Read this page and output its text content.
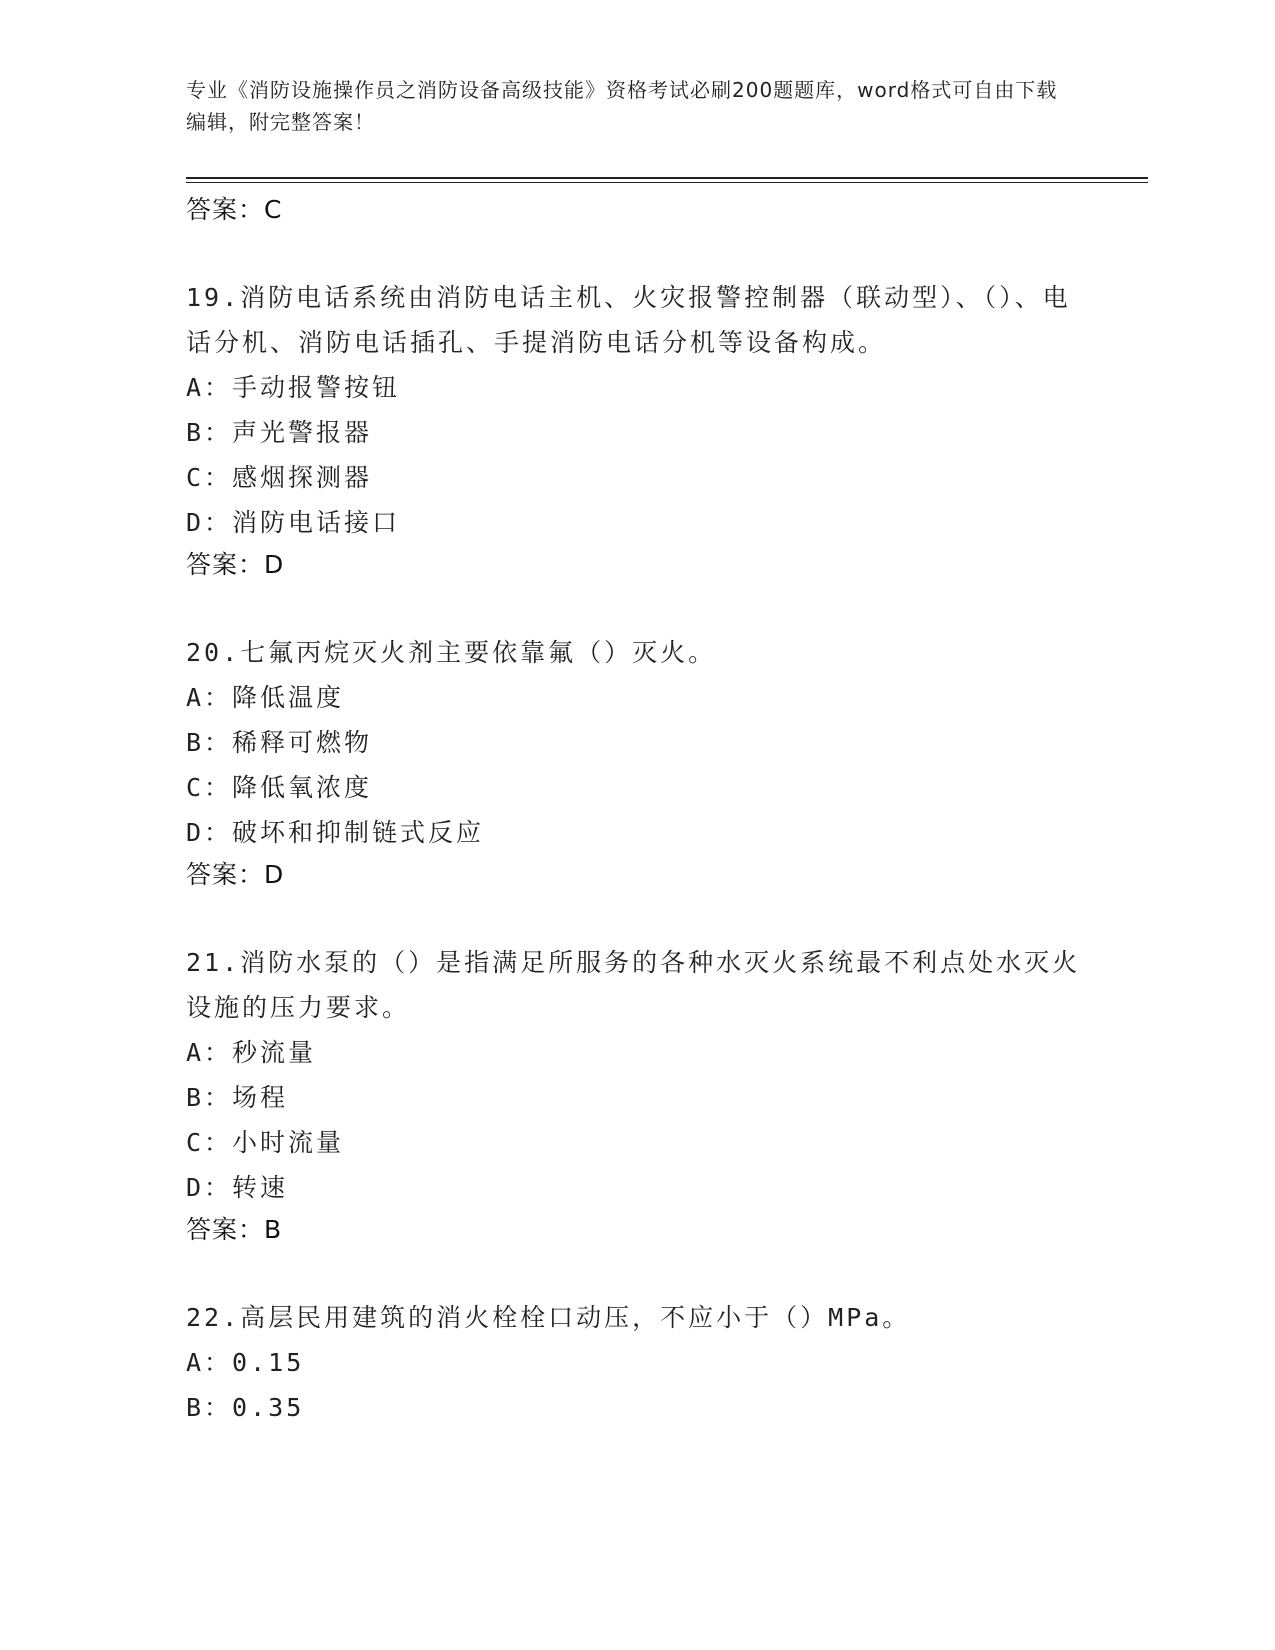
专业《消防设施操作员之消防设备高级技能》资格考试必刷200题题库，word格式可自由下载编辑，附完整答案！
答案：C
19.消防电话系统由消防电话主机、火灾报警控制器（联动型）、（）、电话分机、消防电话插孔、手提消防电话分机等设备构成。
A：手动报警按钮
B：声光警报器
C：感烟探测器
D：消防电话接口
答案：D
20.七氟丙烷灭火剂主要依靠氟（）灭火。
A：降低温度
B：稀释可燃物
C：降低氧浓度
D：破坏和抑制链式反应
答案：D
21.消防水泵的（）是指满足所服务的各种水灭火系统最不利点处水灭火设施的压力要求。
A：秒流量
B：场程
C：小时流量
D：转速
答案：B
22.高层民用建筑的消火栓栓口动压，不应小于（）MPa。
A：0.15
B：0.35
